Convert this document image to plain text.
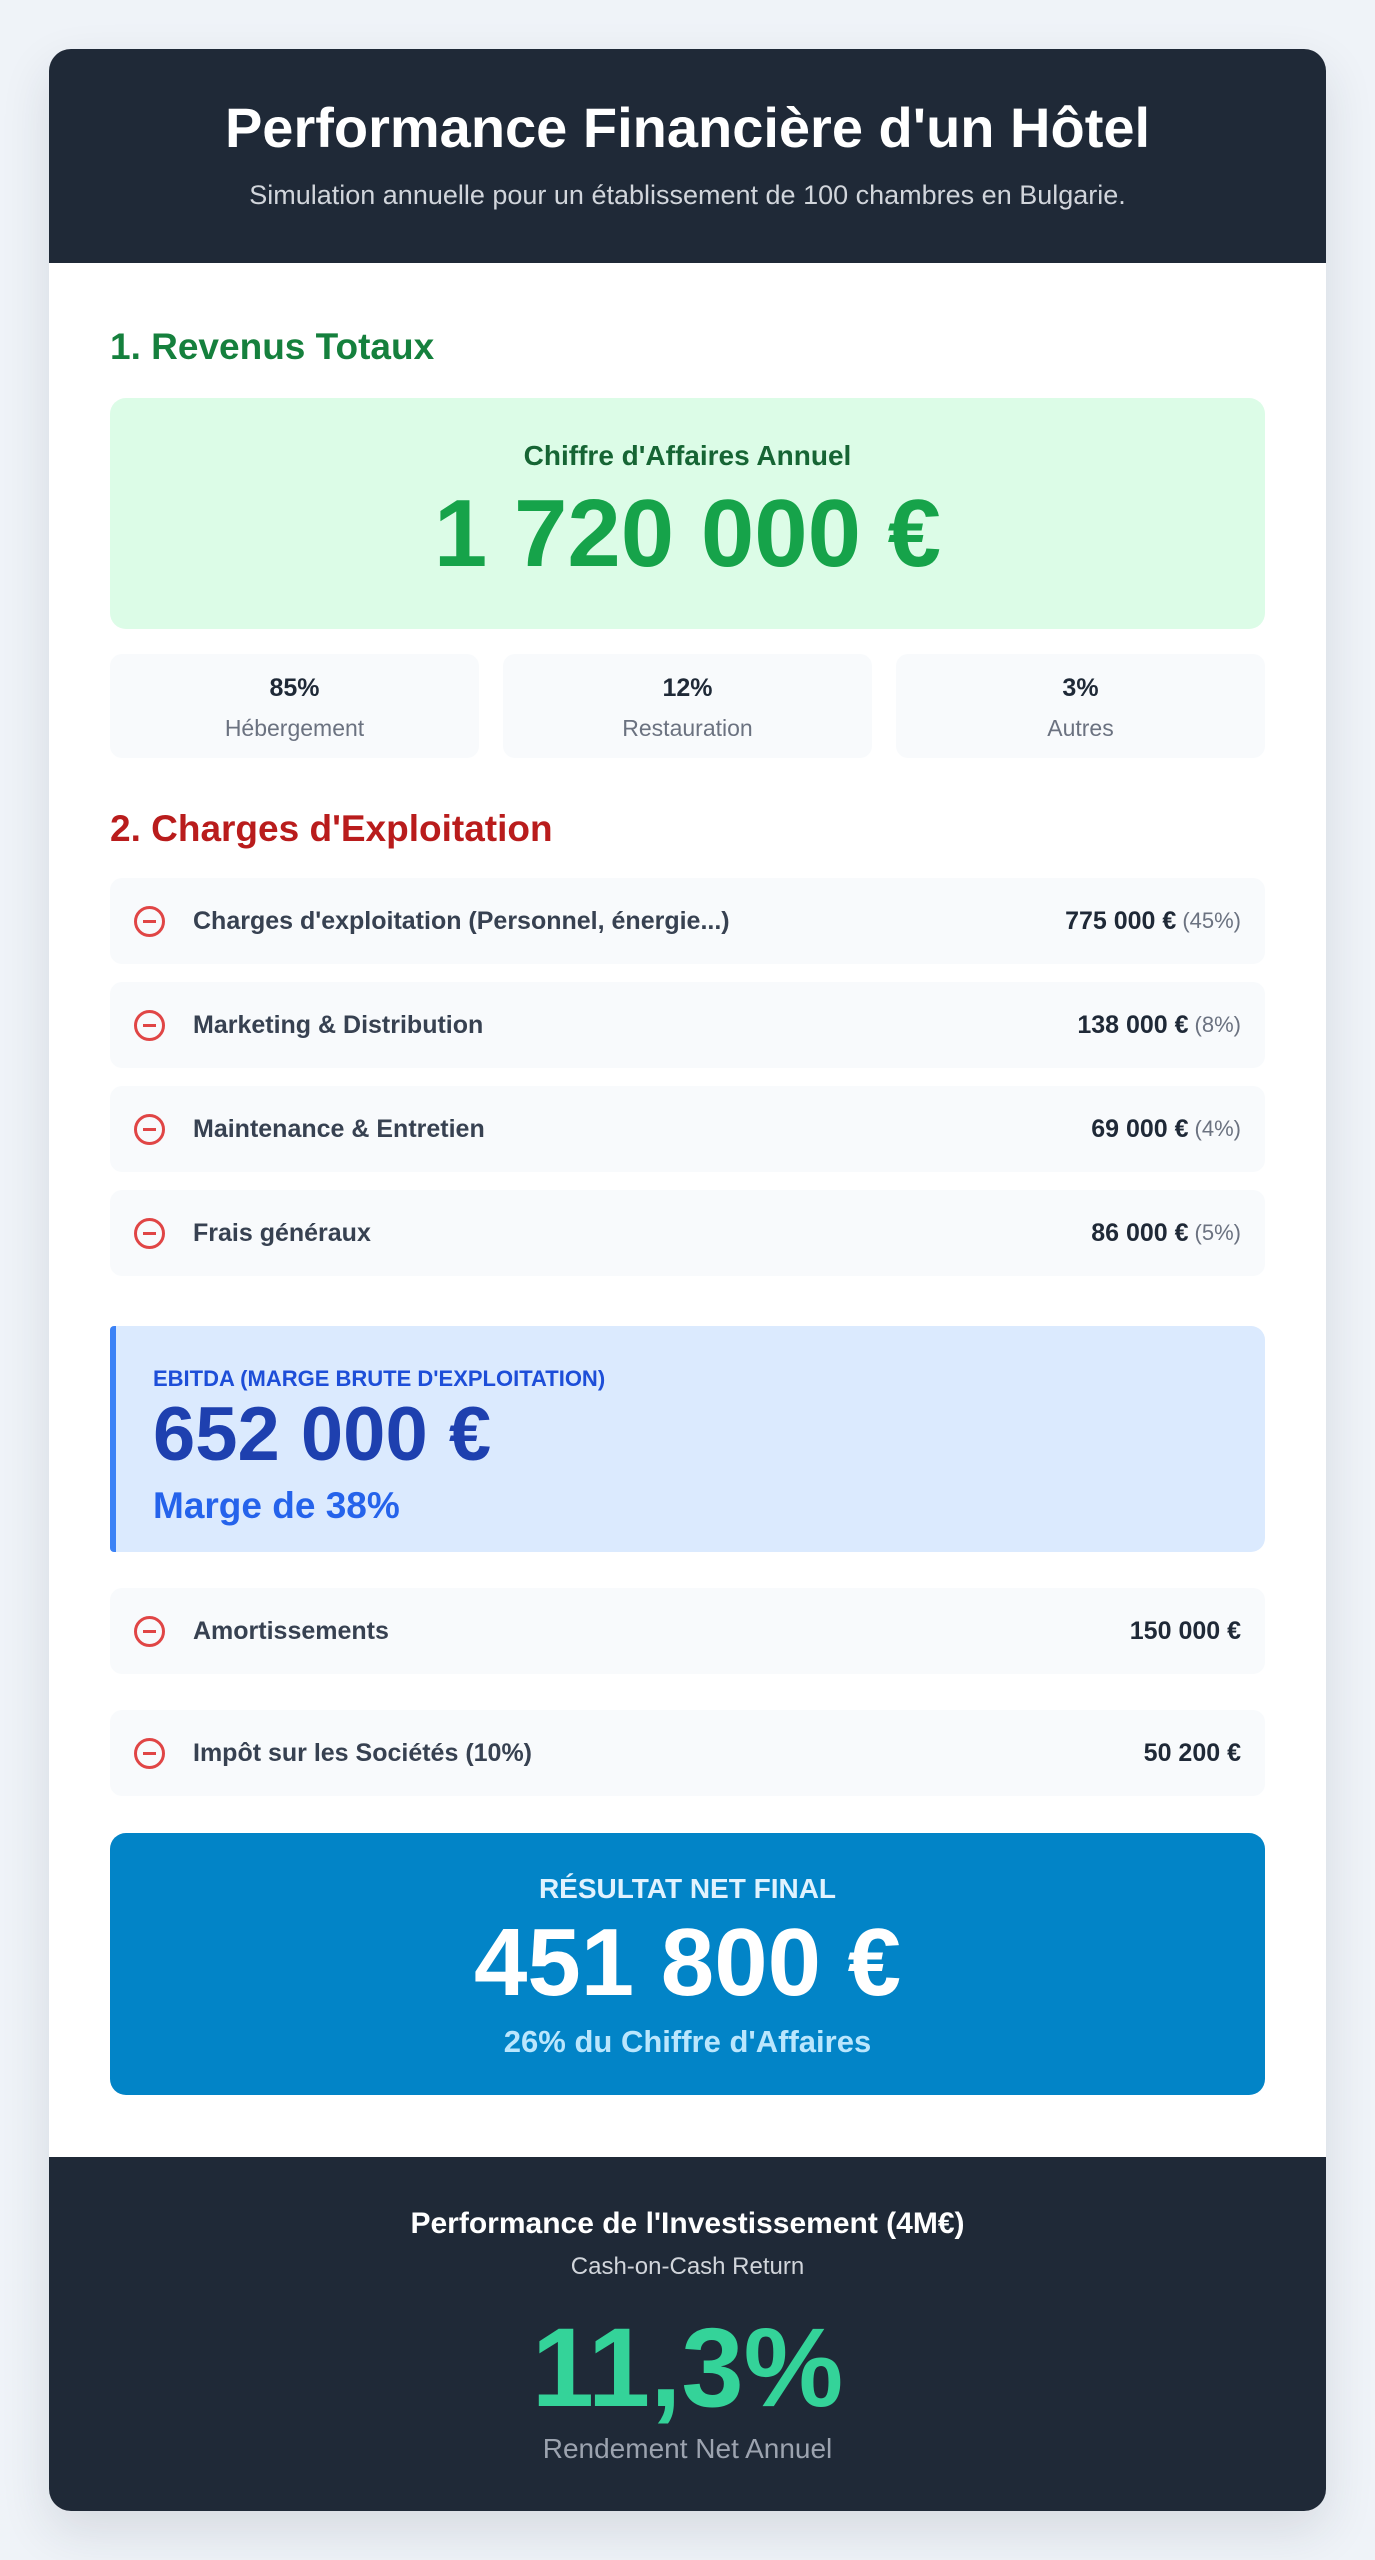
Performance Financière d'un Hôtel

Simulation annuelle pour un établissement de 100 chambres en Bulgarie.

1. Revenus Totaux
Chiffre d'Affaires Annuel
1 720 000 €
85%
Hébergement
12%
Restauration
3%
Autres
2. Charges d'Exploitation
Charges d'exploitation (Personnel, énergie...)	775 000 € (45%)
Marketing & Distribution	138 000 € (8%)
Maintenance & Entretien	69 000 € (4%)
Frais généraux	86 000 € (5%)
EBITDA (MARGE BRUTE D'EXPLOITATION)
652 000 €
Marge de 38%
Amortissements	150 000 €
Impôt sur les Sociétés (10%)	50 200 €
RÉSULTAT NET FINAL
451 800 €
26% du Chiffre d'Affaires
Performance de l'Investissement (4M€)
Cash-on-Cash Return
11,3%
Rendement Net Annuel
